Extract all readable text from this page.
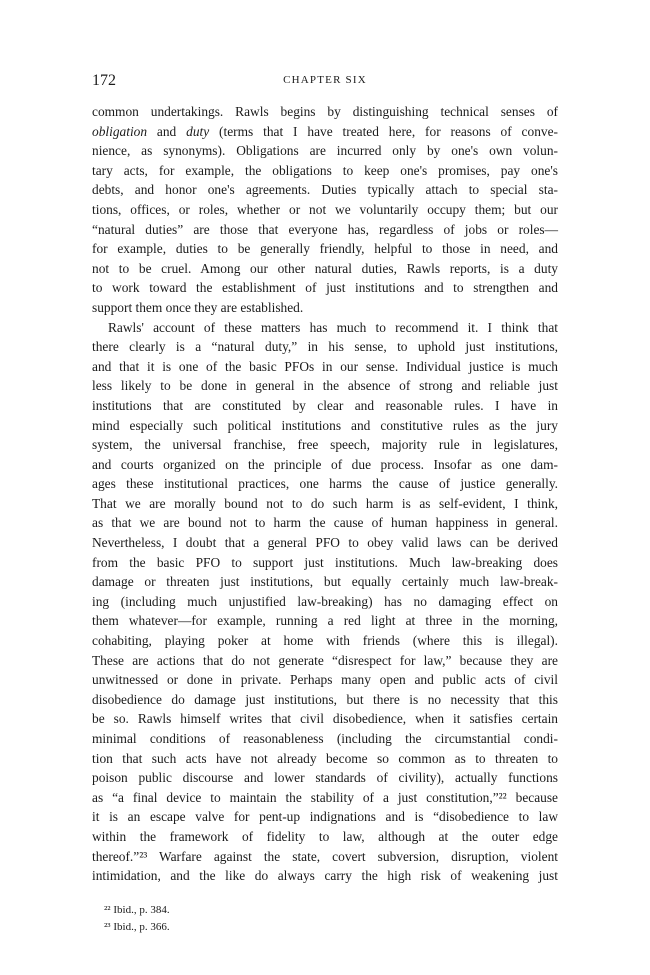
172	CHAPTER SIX
common undertakings. Rawls begins by distinguishing technical senses of
obligation and duty (terms that I have treated here, for reasons of conve-
nience, as synonyms). Obligations are incurred only by one's own volun-
tary acts, for example, the obligations to keep one's promises, pay one's
debts, and honor one's agreements. Duties typically attach to special sta-
tions, offices, or roles, whether or not we voluntarily occupy them; but our
“natural duties” are those that everyone has, regardless of jobs or roles—
for example, duties to be generally friendly, helpful to those in need, and
not to be cruel. Among our other natural duties, Rawls reports, is a duty
to work toward the establishment of just institutions and to strengthen and
support them once they are established.
Rawls' account of these matters has much to recommend it. I think that
there clearly is a “natural duty,” in his sense, to uphold just institutions,
and that it is one of the basic PFOs in our sense. Individual justice is much
less likely to be done in general in the absence of strong and reliable just
institutions that are constituted by clear and reasonable rules. I have in
mind especially such political institutions and constitutive rules as the jury
system, the universal franchise, free speech, majority rule in legislatures,
and courts organized on the principle of due process. Insofar as one dam-
ages these institutional practices, one harms the cause of justice generally.
That we are morally bound not to do such harm is as self-evident, I think,
as that we are bound not to harm the cause of human happiness in general.
Nevertheless, I doubt that a general PFO to obey valid laws can be derived
from the basic PFO to support just institutions. Much law-breaking does
damage or threaten just institutions, but equally certainly much law-break-
ing (including much unjustified law-breaking) has no damaging effect on
them whatever—for example, running a red light at three in the morning,
cohabiting, playing poker at home with friends (where this is illegal).
These are actions that do not generate “disrespect for law,” because they are
unwitnessed or done in private. Perhaps many open and public acts of civil
disobedience do damage just institutions, but there is no necessity that this
be so. Rawls himself writes that civil disobedience, when it satisfies certain
minimal conditions of reasonableness (including the circumstantial condi-
tion that such acts have not already become so common as to threaten to
poison public discourse and lower standards of civility), actually functions
as “a final device to maintain the stability of a just constitution,”²² because
it is an escape valve for pent-up indignations and is “disobedience to law
within the framework of fidelity to law, although at the outer edge
thereof.”²³ Warfare against the state, covert subversion, disruption, violent
intimidation, and the like do always carry the high risk of weakening just
²² Ibid., p. 384.
²³ Ibid., p. 366.
